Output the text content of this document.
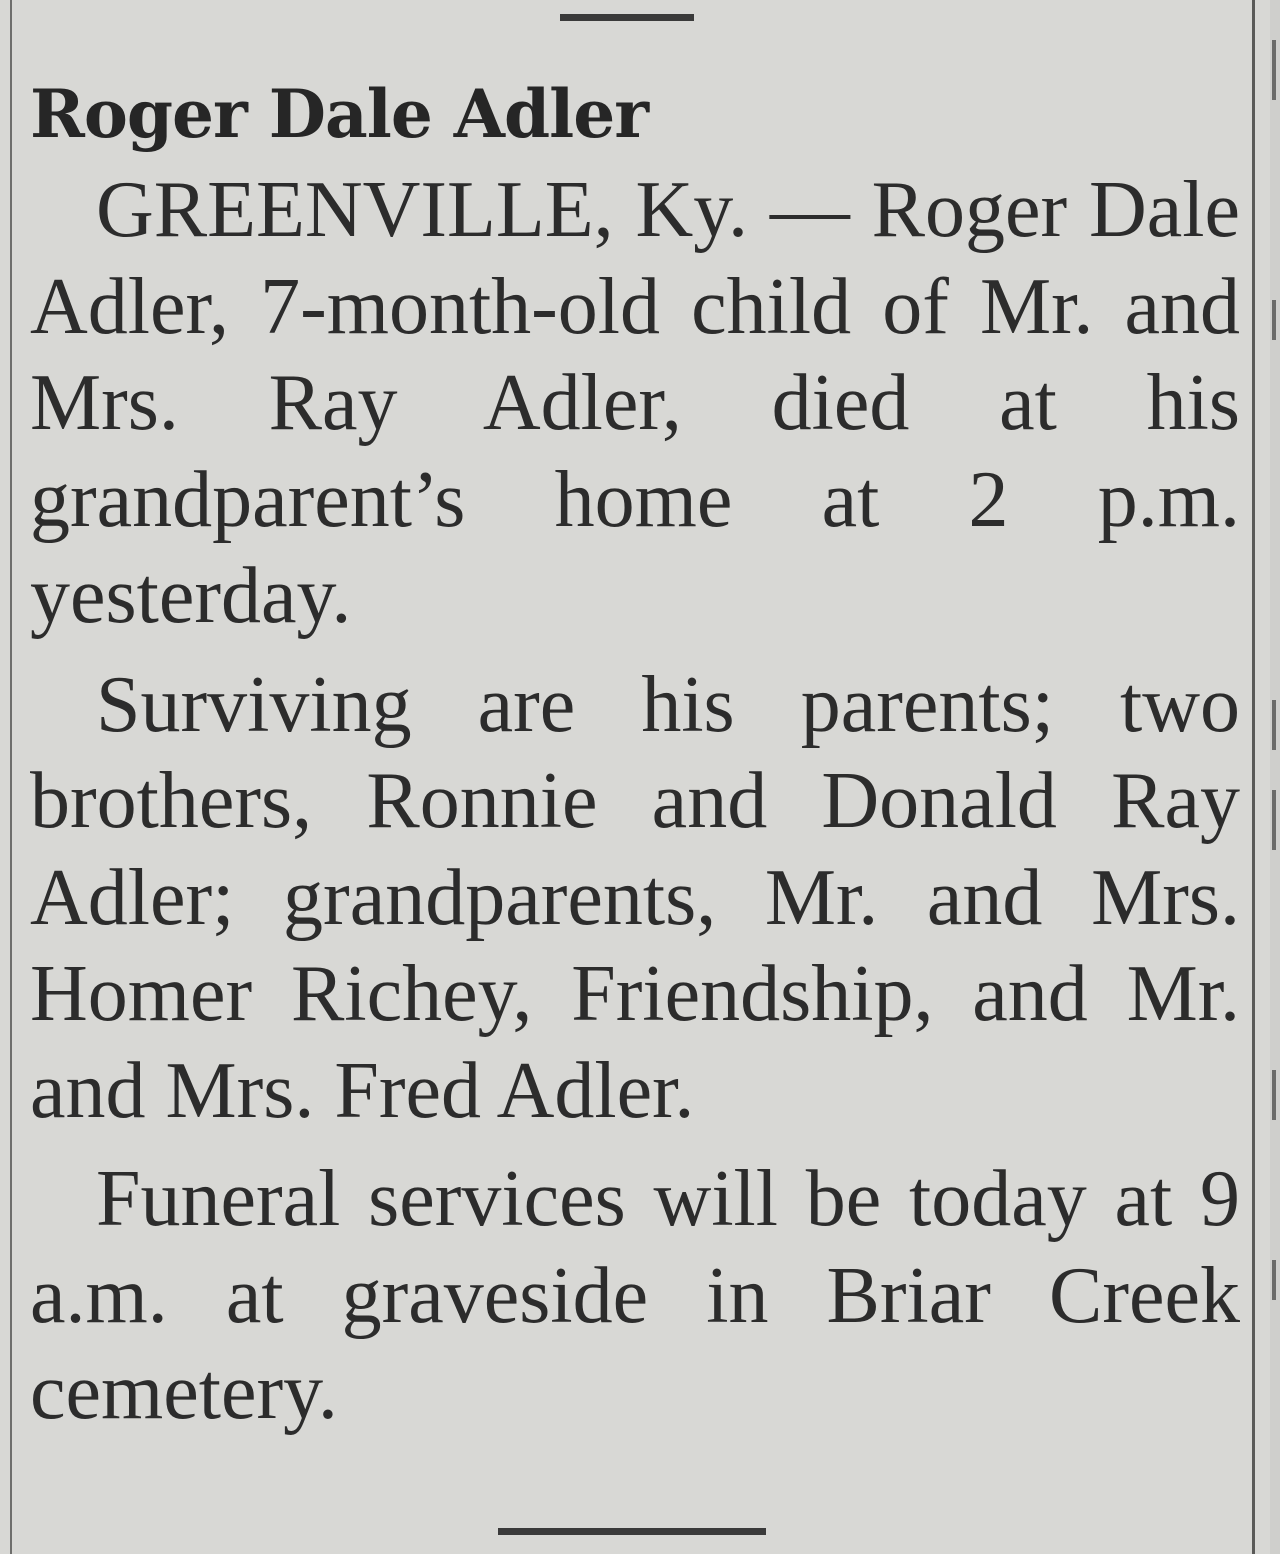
Roger Dale Adler

GREENVILLE, Ky. — Roger Dale Adler, 7-month-old child of Mr. and Mrs. Ray Adler, died at his grandparent’s home at 2 p.m. yesterday.

Surviving are his parents; two brothers, Ronnie and Donald Ray Adler; grandparents, Mr. and Mrs. Homer Richey, Friendship, and Mr. and Mrs. Fred Adler.

Funeral services will be today at 9 a.m. at graveside in Briar Creek cemetery.
